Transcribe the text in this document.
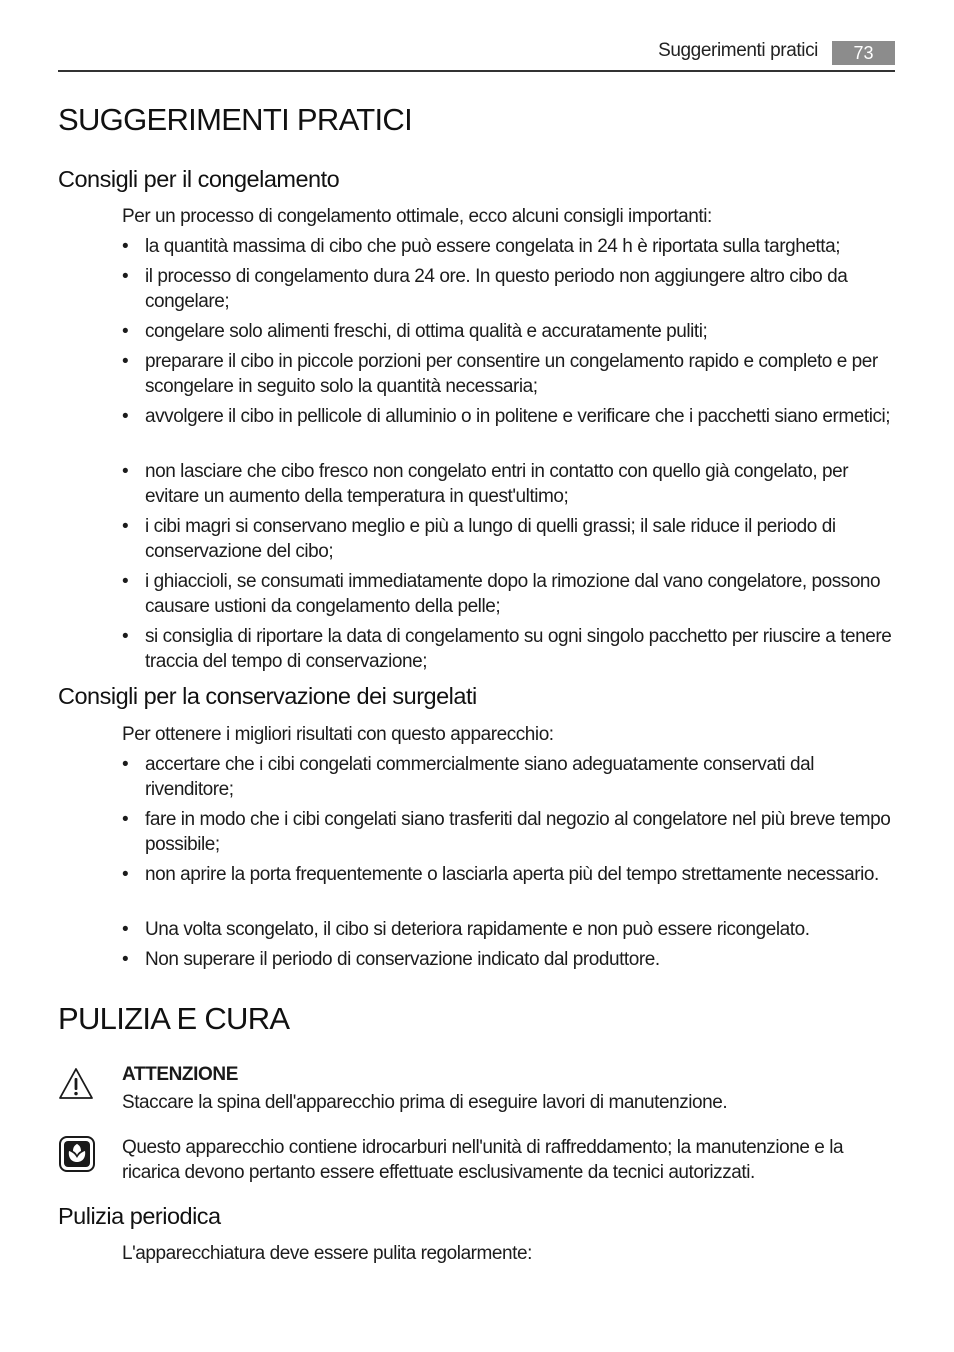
Suggerimenti pratici	73
SUGGERIMENTI PRATICI
Consigli per il congelamento

Per un processo di congelamento ottimale, ecco alcuni consigli importanti:

• la quantità massima di cibo che può essere congelata in 24 h è riportata sulla targhetta;
• il processo di congelamento dura 24 ore. In questo periodo non aggiungere altro cibo da congelare;
• congelare solo alimenti freschi, di ottima qualità e accuratamente puliti;
• preparare il cibo in piccole porzioni per consentire un congelamento rapido e completo e per scongelare in seguito solo la quantità necessaria;
• avvolgere il cibo in pellicole di alluminio o in politene e verificare che i pacchetti siano ermetici;
• non lasciare che cibo fresco non congelato entri in contatto con quello già congelato, per evitare un aumento della temperatura in quest'ultimo;
• i cibi magri si conservano meglio e più a lungo di quelli grassi; il sale riduce il periodo di conservazione del cibo;
• i ghiaccioli, se consumati immediatamente dopo la rimozione dal vano congelatore, possono causare ustioni da congelamento della pelle;
• si consiglia di riportare la data di congelamento su ogni singolo pacchetto per riuscire a tenere traccia del tempo di conservazione;
Consigli per la conservazione dei surgelati

Per ottenere i migliori risultati con questo apparecchio:

• accertare che i cibi congelati commercialmente siano adeguatamente conservati dal rivenditore;
• fare in modo che i cibi congelati siano trasferiti dal negozio al congelatore nel più breve tempo possibile;
• non aprire la porta frequentemente o lasciarla aperta più del tempo strettamente necessario.
• Una volta scongelato, il cibo si deteriora rapidamente e non può essere ricongelato.
• Non superare il periodo di conservazione indicato dal produttore.
PULIZIA E CURA
ATTENZIONE

Staccare la spina dell'apparecchio prima di eseguire lavori di manutenzione.

Questo apparecchio contiene idrocarburi nell'unità di raffreddamento; la manutenzione e la ricarica devono pertanto essere effettuate esclusivamente da tecnici autorizzati.

Pulizia periodica

L'apparecchiatura deve essere pulita regolarmente:
